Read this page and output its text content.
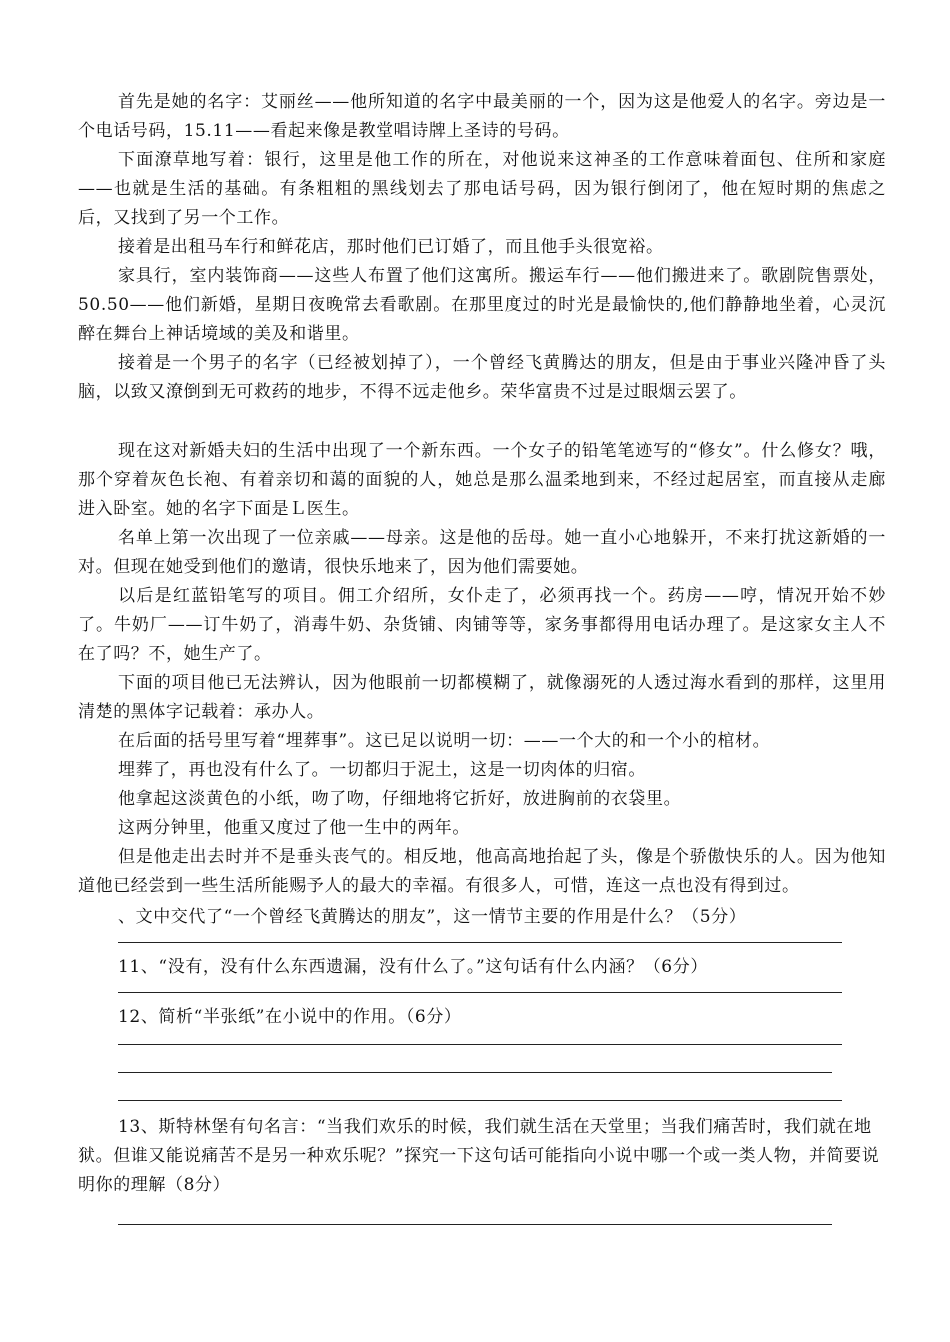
首先是她的名字：艾丽丝——他所知道的名字中最美丽的一个，因为这是他爱人的名字。旁边是一个电话号码，15.11——看起来像是教堂唱诗牌上圣诗的号码。

下面潦草地写着：银行，这里是他工作的所在，对他说来这神圣的工作意味着面包、住所和家庭——也就是生活的基础。有条粗粗的黑线划去了那电话号码，因为银行倒闭了，他在短时期的焦虑之后，又找到了另一个工作。

接着是出租马车行和鲜花店，那时他们已订婚了，而且他手头很宽裕。

家具行，室内装饰商——这些人布置了他们这寓所。搬运车行——他们搬进来了。歌剧院售票处，50.50——他们新婚，星期日夜晚常去看歌剧。在那里度过的时光是最愉快的,他们静静地坐着，心灵沉醉在舞台上神话境域的美及和谐里。

接着是一个男子的名字（已经被划掉了），一个曾经飞黄腾达的朋友，但是由于事业兴隆冲昏了头脑，以致又潦倒到无可救药的地步，不得不远走他乡。荣华富贵不过是过眼烟云罢了。

现在这对新婚夫妇的生活中出现了一个新东西。一个女子的铅笔笔迹写的“修女”。什么修女？哦，那个穿着灰色长袍、有着亲切和蔼的面貌的人，她总是那么温柔地到来，不经过起居室，而直接从走廊进入卧室。她的名字下面是Ｌ医生。

名单上第一次出现了一位亲戚——母亲。这是他的岳母。她一直小心地躲开，不来打扰这新婚的一对。但现在她受到他们的邀请，很快乐地来了，因为他们需要她。

以后是红蓝铅笔写的项目。佣工介绍所，女仆走了，必须再找一个。药房——哼，情况开始不妙了。牛奶厂——订牛奶了，消毒牛奶、杂货铺、肉铺等等，家务事都得用电话办理了。是这家女主人不在了吗？不，她生产了。

下面的项目他已无法辨认，因为他眼前一切都模糊了，就像溺死的人透过海水看到的那样，这里用清楚的黑体字记载着：承办人。

在后面的括号里写着“埋葬事”。这已足以说明一切：——一个大的和一个小的棺材。

埋葬了，再也没有什么了。一切都归于泥土，这是一切肉体的归宿。

他拿起这淡黄色的小纸，吻了吻，仔细地将它折好，放进胸前的衣袋里。

这两分钟里，他重又度过了他一生中的两年。

但是他走出去时并不是垂头丧气的。相反地，他高高地抬起了头，像是个骄傲快乐的人。因为他知道他已经尝到一些生活所能赐予人的最大的幸福。有很多人，可惜，连这一点也没有得到过。

、文中交代了“一个曾经飞黄腾达的朋友”，这一情节主要的作用是什么？（5分）

11、“没有，没有什么东西遗漏，没有什么了。”这句话有什么内涵？（6分）

12、简析“半张纸”在小说中的作用。（6分）

13、斯特林堡有句名言：“当我们欢乐的时候，我们就生活在天堂里；当我们痛苦时，我们就在地狱。但谁又能说痛苦不是另一种欢乐呢？”探究一下这句话可能指向小说中哪一个或一类人物，并简要说明你的理解（8分）
